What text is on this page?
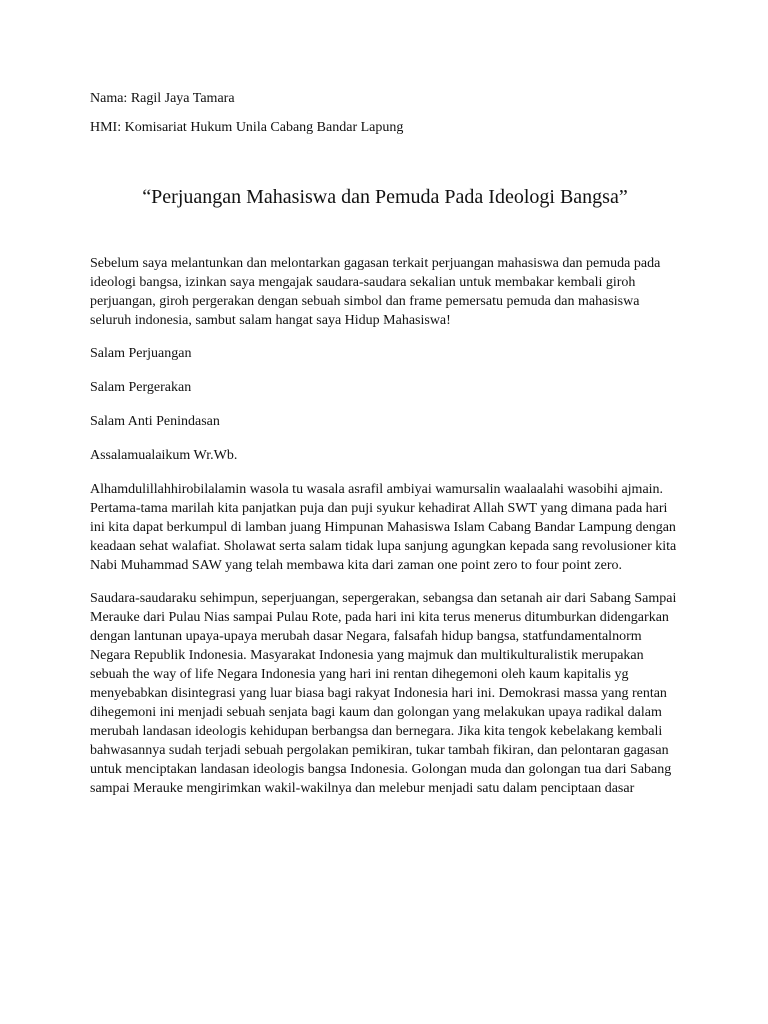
Nama: Ragil Jaya Tamara

HMI: Komisariat Hukum Unila Cabang Bandar Lapung

“Perjuangan Mahasiswa dan Pemuda Pada Ideologi Bangsa”

Sebelum saya melantunkan dan melontarkan gagasan terkait perjuangan mahasiswa dan pemuda pada ideologi bangsa, izinkan saya mengajak saudara-saudara sekalian untuk membakar kembali giroh perjuangan, giroh pergerakan dengan sebuah simbol dan frame pemersatu pemuda dan mahasiswa seluruh indonesia, sambut salam hangat saya Hidup Mahasiswa!

Salam Perjuangan

Salam Pergerakan

Salam Anti Penindasan

Assalamualaikum Wr.Wb.

Alhamdulillahhirobilalamin wasola tu wasala asrafil ambiyai wamursalin waalaalahi wasobihi ajmain. Pertama-tama marilah kita panjatkan puja dan puji syukur kehadirat Allah SWT yang dimana pada hari ini kita dapat berkumpul di lamban juang Himpunan Mahasiswa Islam Cabang Bandar Lampung dengan keadaan sehat walafiat. Sholawat serta salam tidak lupa sanjung agungkan kepada sang revolusioner kita Nabi Muhammad SAW yang telah membawa kita dari zaman one point zero to four point zero.

Saudara-saudaraku sehimpun, seperjuangan, sepergerakan, sebangsa dan setanah air dari Sabang Sampai Merauke dari Pulau Nias sampai Pulau Rote, pada hari ini kita terus menerus ditumburkan didengarkan dengan lantunan upaya-upaya merubah dasar Negara, falsafah hidup bangsa, statfundamentalnorm Negara Republik Indonesia. Masyarakat Indonesia yang majmuk dan multikulturalistik merupakan sebuah the way of life Negara Indonesia yang hari ini rentan dihegemoni oleh kaum kapitalis yg menyebabkan disintegrasi yang luar biasa bagi rakyat Indonesia hari ini. Demokrasi massa yang rentan dihegemoni ini menjadi sebuah senjata bagi kaum dan golongan yang melakukan upaya radikal dalam merubah landasan ideologis kehidupan berbangsa dan bernegara. Jika kita tengok kebelakang kembali bahwasannya sudah terjadi sebuah pergolakan pemikiran, tukar tambah fikiran, dan pelontaran gagasan untuk menciptakan landasan ideologis bangsa Indonesia. Golongan muda dan golongan tua dari Sabang sampai Merauke mengirimkan wakil-wakilnya dan melebur menjadi satu dalam penciptaan dasar
